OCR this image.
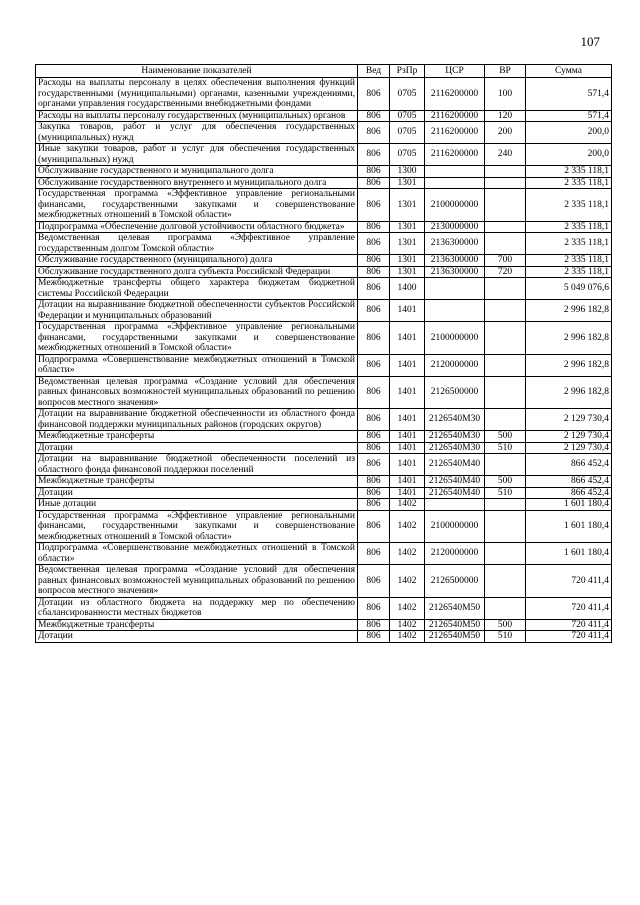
107
Наименование показателей	Вед	РзПр	ЦСР	ВР	Сумма
Расходы на выплаты персоналу в целях обеспечения выполнения функций государственными (муниципальными) органами, казенными учреждениями, органами управления государственными внебюджетными фондами	806	0705	2116200000	100	571,4
Расходы на выплаты персоналу государственных (муниципальных) органов	806	0705	2116200000	120	571,4
Закупка товаров, работ и услуг для обеспечения государственных (муниципальных) нужд	806	0705	2116200000	200	200,0
Иные закупки товаров, работ и услуг для обеспечения государственных (муниципальных) нужд	806	0705	2116200000	240	200,0
Обслуживание государственного и муниципального долга	806	1300			2 335 118,1
Обслуживание государственного внутреннего и муниципального долга	806	1301			2 335 118,1
Государственная программа «Эффективное управление региональными финансами, государственными закупками и совершенствование межбюджетных отношений в Томской области»	806	1301	2100000000		2 335 118,1
Подпрограмма «Обеспечение долговой устойчивости областного бюджета»	806	1301	2130000000		2 335 118,1
Ведомственная целевая программа «Эффективное управление государственным долгом Томской области»	806	1301	2136300000		2 335 118,1
Обслуживание государственного (муниципального) долга	806	1301	2136300000	700	2 335 118,1
Обслуживание государственного долга субъекта Российской Федерации	806	1301	2136300000	720	2 335 118,1
Межбюджетные трансферты общего характера бюджетам бюджетной системы Российской Федерации	806	1400			5 049 076,6
Дотации на выравнивание бюджетной обеспеченности субъектов Российской Федерации и муниципальных образований	806	1401			2 996 182,8
Государственная программа «Эффективное управление региональными финансами, государственными закупками и совершенствование межбюджетных отношений в Томской области»	806	1401	2100000000		2 996 182,8
Подпрограмма «Совершенствование межбюджетных отношений в Томской области»	806	1401	2120000000		2 996 182,8
Ведомственная целевая программа «Создание условий для обеспечения равных финансовых возможностей муниципальных образований по решению вопросов местного значения»	806	1401	2126500000		2 996 182,8
Дотации на выравнивание бюджетной обеспеченности из областного фонда финансовой поддержки муниципальных районов (городских округов)	806	1401	2126540М30		2 129 730,4
Межбюджетные трансферты	806	1401	2126540М30	500	2 129 730,4
Дотации	806	1401	2126540М30	510	2 129 730,4
Дотации на выравнивание бюджетной обеспеченности поселений из областного фонда финансовой поддержки поселений	806	1401	2126540М40		866 452,4
Межбюджетные трансферты	806	1401	2126540М40	500	866 452,4
Дотации	806	1401	2126540М40	510	866 452,4
Иные дотации	806	1402			1 601 180,4
Государственная программа «Эффективное управление региональными финансами, государственными закупками и совершенствование межбюджетных отношений в Томской области»	806	1402	2100000000		1 601 180,4
Подпрограмма «Совершенствование межбюджетных отношений в Томской области»	806	1402	2120000000		1 601 180,4
Ведомственная целевая программа «Создание условий для обеспечения равных финансовых возможностей муниципальных образований по решению вопросов местного значения»	806	1402	2126500000		720 411,4
Дотации из областного бюджета на поддержку мер по обеспечению сбалансированности местных бюджетов	806	1402	2126540М50		720 411,4
Межбюджетные трансферты	806	1402	2126540М50	500	720 411,4
Дотации	806	1402	2126540М50	510	720 411,4
